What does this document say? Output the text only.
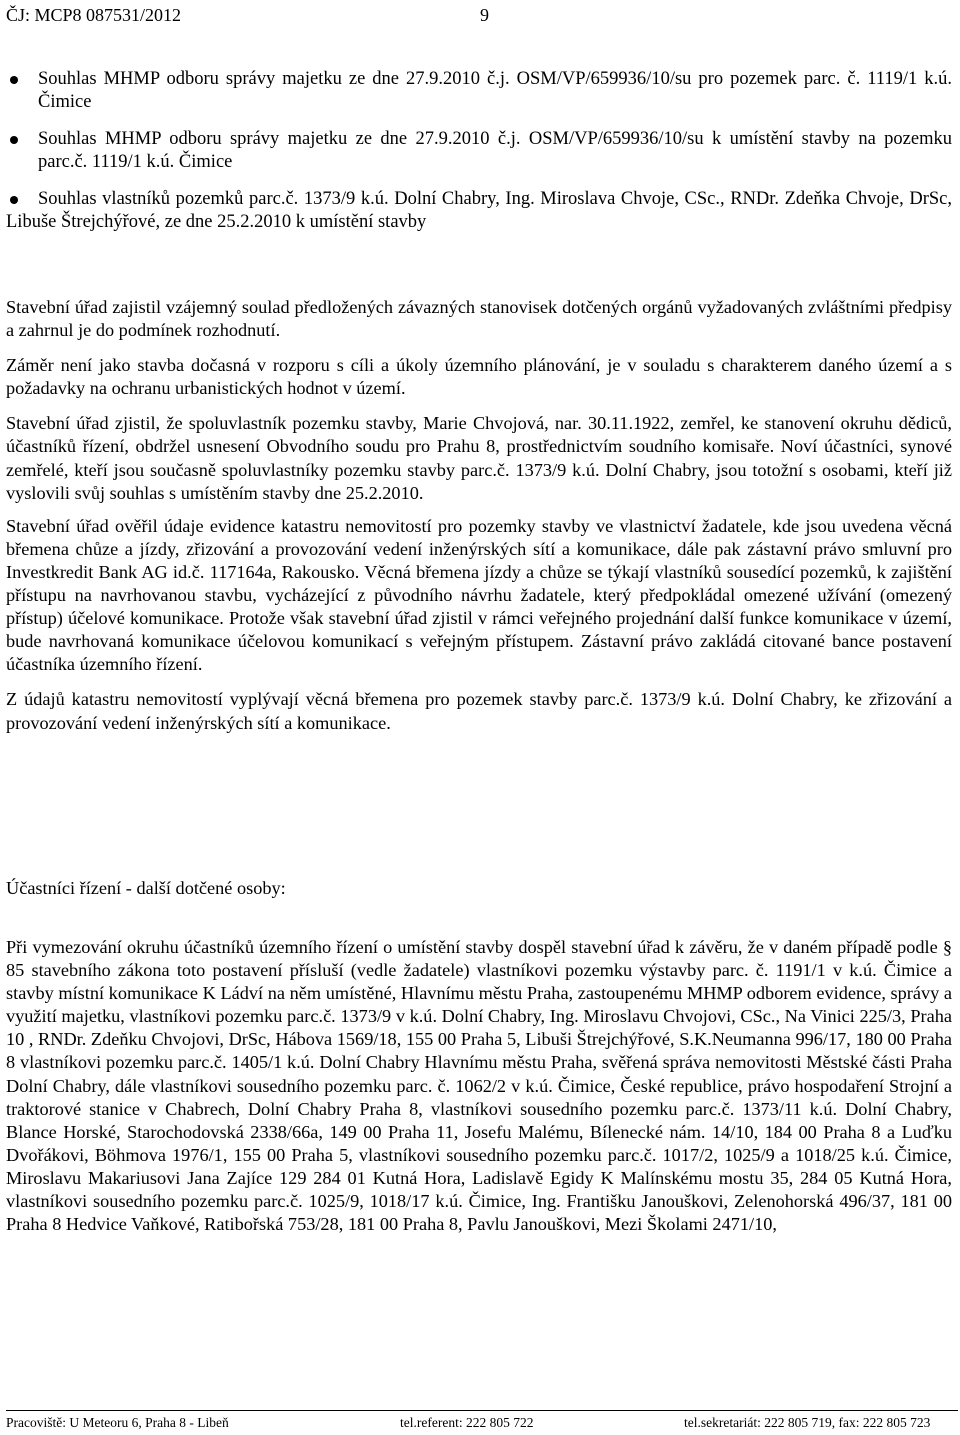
ČJ: MCP8 087531/2012	9
Souhlas MHMP odboru správy majetku ze dne 27.9.2010 č.j. OSM/VP/659936/10/su pro pozemek parc. č. 1119/1 k.ú. Čimice
Souhlas MHMP odboru správy majetku ze dne 27.9.2010 č.j. OSM/VP/659936/10/su k umístění stavby na pozemku parc.č. 1119/1 k.ú. Čimice
Souhlas vlastníků pozemků parc.č. 1373/9 k.ú. Dolní Chabry, Ing. Miroslava Chvoje, CSc., RNDr. Zdeňka Chvoje, DrSc, Libuše Štrejchýřové, ze dne 25.2.2010 k umístění stavby

Stavební úřad zajistil vzájemný soulad předložených závazných stanovisek dotčených orgánů vyžadovaných zvláštními předpisy a zahrnul je do podmínek rozhodnutí.

Záměr není jako stavba dočasná v rozporu s cíli a úkoly územního plánování, je v souladu s charakterem daného území a s požadavky na ochranu urbanistických hodnot v území.

Stavební úřad zjistil, že spoluvlastník pozemku stavby, Marie Chvojová, nar. 30.11.1922, zemřel, ke stanovení okruhu dědiců, účastníků řízení, obdržel usnesení Obvodního soudu pro Prahu 8, prostřednictvím soudního komisaře. Noví účastníci, synové zemřelé, kteří jsou současně spoluvlastníky pozemku stavby parc.č. 1373/9 k.ú. Dolní Chabry, jsou totožní s osobami, kteří již vyslovili svůj souhlas s umístěním stavby dne 25.2.2010.

Stavební úřad ověřil údaje evidence katastru nemovitostí pro pozemky stavby ve vlastnictví žadatele, kde jsou uvedena věcná břemena chůze a jízdy, zřizování a provozování vedení inženýrských sítí a komunikace, dále pak zástavní právo smluvní pro Investkredit Bank AG id.č. 117164a, Rakousko. Věcná břemena jízdy a chůze se týkají vlastníků sousedící pozemků, k zajištění přístupu na navrhovanou stavbu, vycházející z původního návrhu žadatele, který předpokládal omezené užívání (omezený přístup) účelové komunikace. Protože však stavební úřad zjistil v rámci veřejného projednání další funkce komunikace v území, bude navrhovaná komunikace účelovou komunikací s veřejným přístupem. Zástavní právo zakládá citované bance postavení účastníka územního řízení.

Z údajů katastru nemovitostí vyplývají věcná břemena pro pozemek stavby parc.č. 1373/9 k.ú. Dolní Chabry, ke zřizování a provozování vedení inženýrských sítí a komunikace.

Účastníci řízení - další dotčené osoby:

Při vymezování okruhu účastníků územního řízení o umístění stavby dospěl stavební úřad k závěru, že v daném případě podle § 85 stavebního zákona toto postavení přísluší (vedle žadatele) vlastníkovi pozemku výstavby parc. č. 1191/1 v k.ú. Čimice a stavby místní komunikace K Ládví na něm umístěné, Hlavnímu městu Praha, zastoupenému MHMP odborem evidence, správy a využití majetku, vlastníkovi pozemku parc.č. 1373/9 v k.ú. Dolní Chabry, Ing. Miroslavu Chvojovi, CSc., Na Vinici 225/3, Praha 10 , RNDr. Zdeňku Chvojovi, DrSc, Hábova 1569/18, 155 00 Praha 5, Libuši Štrejchýřové, S.K.Neumanna 996/17, 180 00 Praha 8 vlastníkovi pozemku parc.č. 1405/1 k.ú. Dolní Chabry Hlavnímu městu Praha, svěřená správa nemovitosti Městské části Praha Dolní Chabry, dále vlastníkovi sousedního pozemku parc. č. 1062/2 v k.ú. Čimice, České republice, právo hospodaření Strojní a traktorové stanice v Chabrech, Dolní Chabry Praha 8, vlastníkovi sousedního pozemku parc.č. 1373/11 k.ú. Dolní Chabry, Blance Horské, Starochodovská 2338/66a, 149 00 Praha 11, Josefu Malému, Bílenecké nám. 14/10, 184 00 Praha 8 a Luďku Dvořákovi, Böhmova 1976/1, 155 00 Praha 5, vlastníkovi sousedního pozemku parc.č. 1017/2, 1025/9 a 1018/25 k.ú. Čimice, Miroslavu Makariusovi Jana Zajíce 129 284 01 Kutná Hora, Ladislavě Egidy K Malínskému mostu 35, 284 05 Kutná Hora, vlastníkovi sousedního pozemku parc.č. 1025/9, 1018/17 k.ú. Čimice, Ing. Františku Janouškovi, Zelenohorská 496/37, 181 00 Praha 8 Hedvice Vaňkové, Ratibořská 753/28, 181 00 Praha 8, Pavlu Janouškovi, Mezi Školami 2471/10,

Pracoviště: U Meteoru 6, Praha 8 - Libeň	tel.referent: 222 805 722	tel.sekretariát: 222 805 719, fax: 222 805 723
